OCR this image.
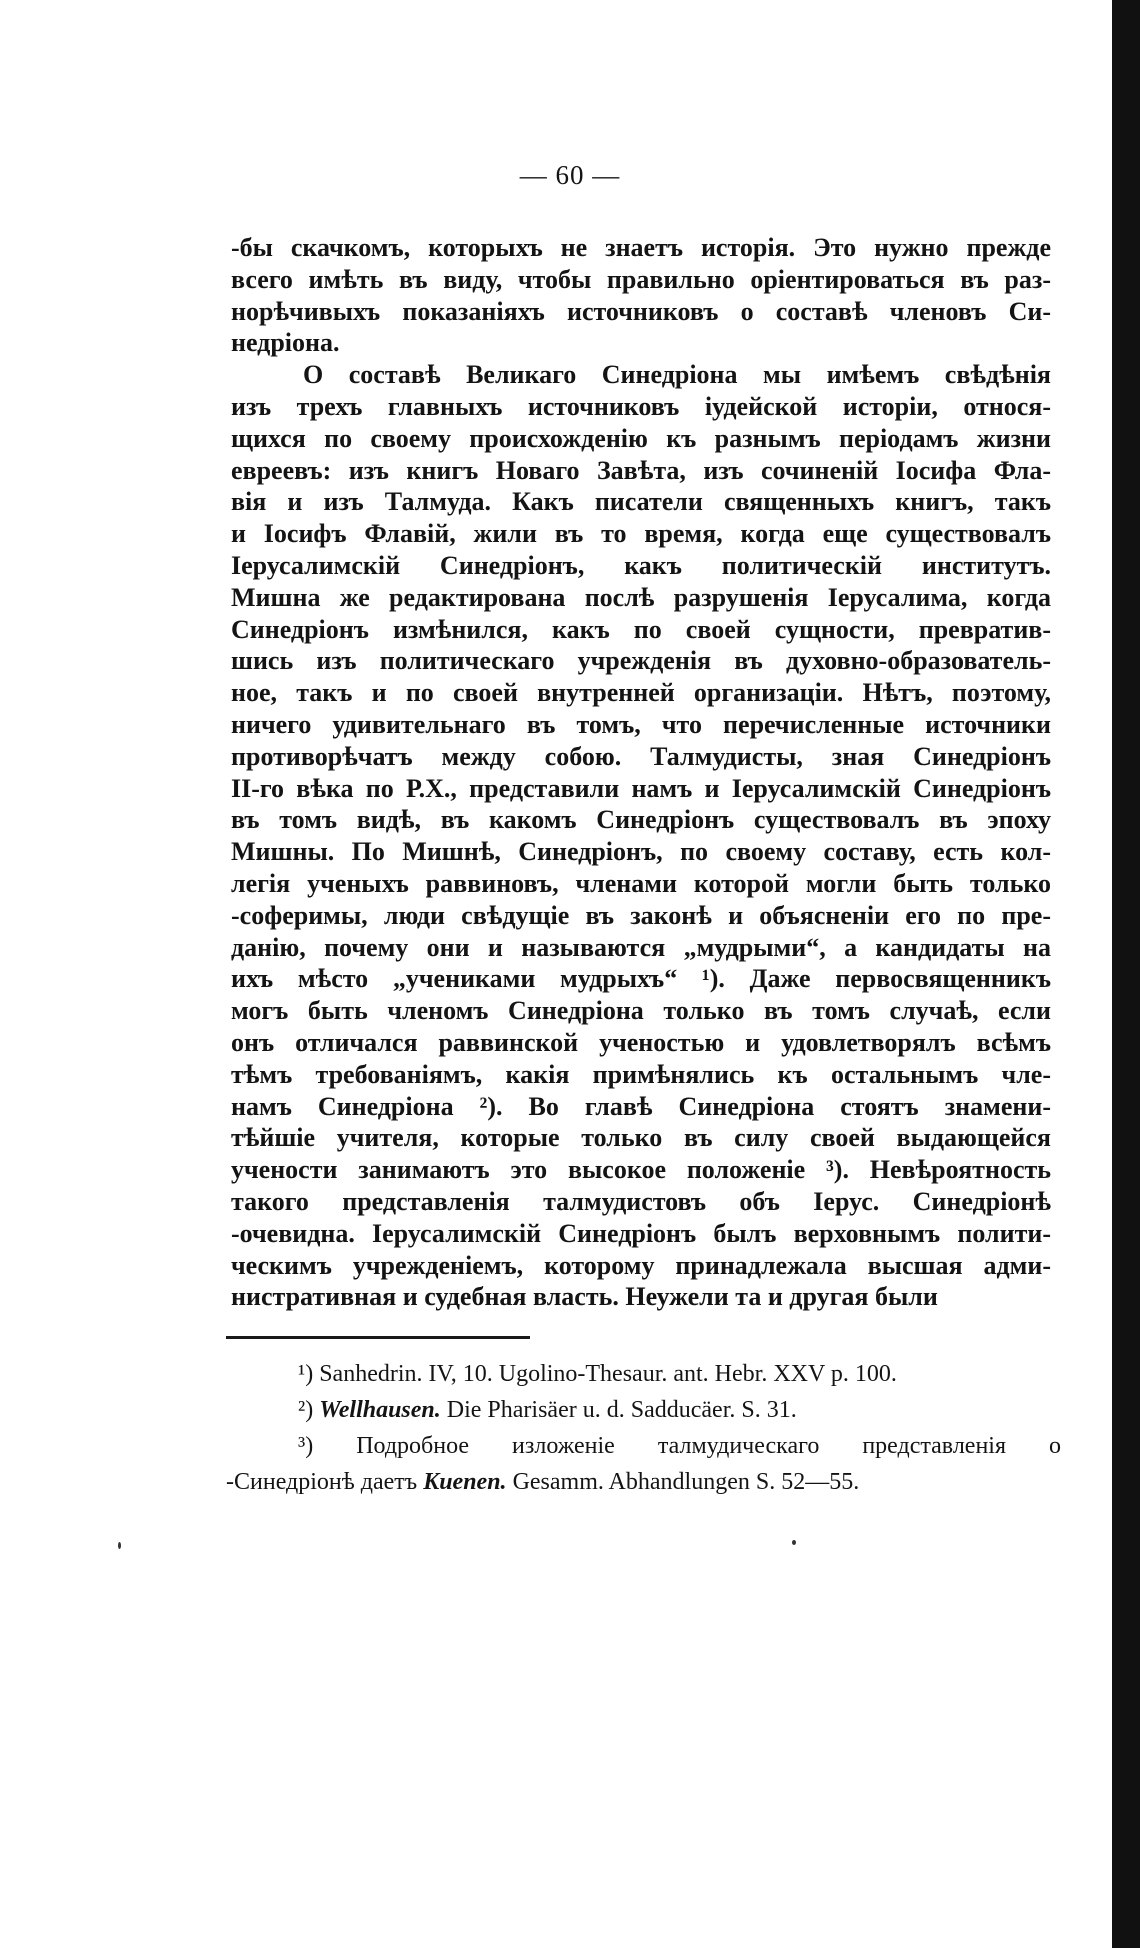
— 60 —
-бы скачкомъ, которыхъ не знаетъ исторія. Это нужно прежде
всего имѣть въ виду, чтобы правильно оріентироваться въ раз-
норѣчивыхъ показаніяхъ источниковъ о составѣ членовъ Си-
недріона.
О составѣ Великаго Синедріона мы имѣемъ свѣдѣнія
изъ трехъ главныхъ источниковъ іудейской исторіи, относя-
щихся по своему происхожденію къ разнымъ періодамъ жизни
евреевъ: изъ книгъ Новаго Завѣта, изъ сочиненій Іосифа Фла-
вія и изъ Талмуда. Какъ писатели священныхъ книгъ, такъ
и Іосифъ Флавій, жили въ то время, когда еще существовалъ
Іерусалимскій Синедріонъ, какъ политическій институтъ.
Мишна же редактирована послѣ разрушенія Іерусалима, когда
Синедріонъ измѣнился, какъ по своей сущности, превратив-
шись изъ политическаго учрежденія въ духовно-образователь-
ное, такъ и по своей внутренней организаціи. Нѣтъ, поэтому,
ничего удивительнаго въ томъ, что перечисленные источники
противорѣчатъ между собою. Талмудисты, зная Синедріонъ
II-го вѣка по Р.Х., представили намъ и Іерусалимскій Синедріонъ
въ томъ видѣ, въ какомъ Синедріонъ существовалъ въ эпоху
Мишны. По Мишнѣ, Синедріонъ, по своему составу, есть кол-
легія ученыхъ раввиновъ, членами которой могли быть только
-соферимы, люди свѣдущіе въ законѣ и объясненіи его по пре-
данію, почему они и называются „мудрыми“, а кандидаты на
ихъ мѣсто „учениками мудрыхъ“ ¹). Даже первосвященникъ
могъ быть членомъ Синедріона только въ томъ случаѣ, если
онъ отличался раввинской ученостью и удовлетворялъ всѣмъ
тѣмъ требованіямъ, какія примѣнялись къ остальнымъ чле-
намъ Синедріона ²). Во главѣ Синедріона стоятъ знамени-
тѣйшіе учителя, которые только въ силу своей выдающейся
учености занимаютъ это высокое положеніе ³). Невѣроятность
такого представленія талмудистовъ объ Іерус. Синедріонѣ
-очевидна. Іерусалимскій Синедріонъ былъ верховнымъ полити-
ческимъ учрежденіемъ, которому принадлежала высшая адми-
нистративная и судебная власть. Неужели та и другая были
¹) Sanhedrin. IV, 10. Ugolino-Thesaur. ant. Hebr. XXV p. 100.
²) Wellhausen. Die Pharisäer u. d. Sadducäer. S. 31.
³) Подробное изложеніе талмудическаго представленія о
-Синедріонѣ даетъ Kuenen. Gesamm. Abhandlungen S. 52—55.
